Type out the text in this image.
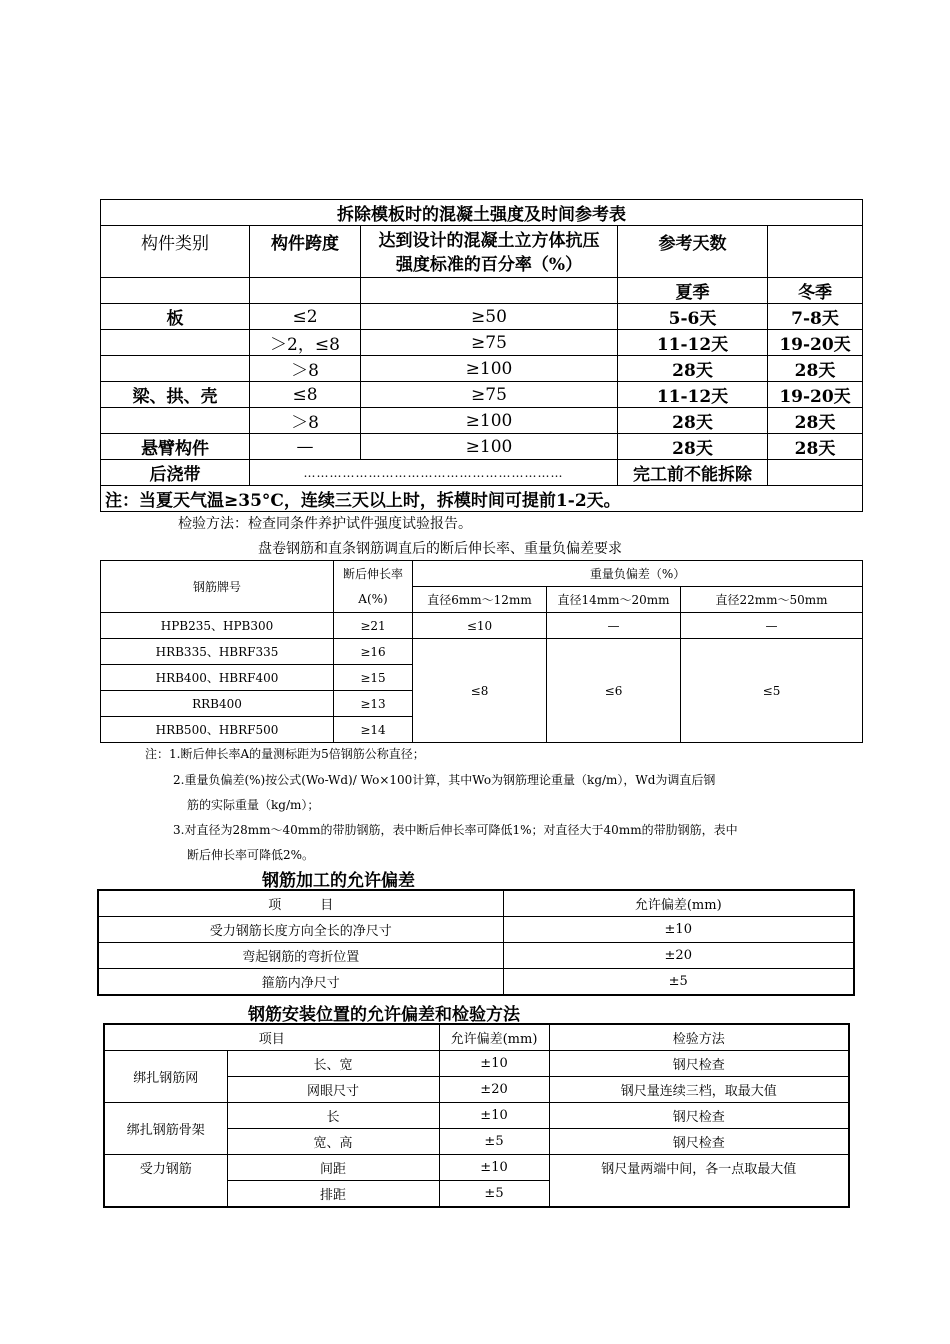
拆除模板时的混凝土强度及时间参考表				
构件类别	构件跨度	达到设计的混凝土立方体抗压
强度标准的百分率（%）	参考天数	
			夏季	冬季
板	≤2	≥50	5-6天	7-8天
	＞2，≤8	≥75	11-12天	19-20天
	＞8	≥100	28天	28天
梁、拱、壳	≤8	≥75	11-12天	19-20天
	＞8	≥100	28天	28天
悬臂构件	—	≥100	28天	28天
后浇带	……………………………………………………		完工前不能拆除	
注：当夏天气温≥35°C，连续三天以上时，拆模时间可提前1-2天。				
检验方法：检查同条件养护试件强度试验报告。
盘卷钢筋和直条钢筋调直后的断后伸长率、重量负偏差要求
钢筋牌号	断后伸长率	重量负偏差（%）		
	A(%)	直径6mm～12mm	直径14mm～20mm	直径22mm～50mm
HPB235、HPB300	≥21	≤10	—	—
HRB335、HBRF335	≥16	≤8	≤6	≤5
HRB400、HBRF400	≥15			
RRB400	≥13			
HRB500、HBRF500	≥14			
注：1.断后伸长率A的量测标距为5倍钢筋公称直径；
2.重量负偏差(%)按公式(Wo-Wd)/ Wo×100计算，其中Wo为钢筋理论重量（kg/m），Wd为调直后钢
筋的实际重量（kg/m）；
3.对直径为28mm～40mm的带肋钢筋，表中断后伸长率可降低1%；对直径大于40mm的带肋钢筋，表中
断后伸长率可降低2%。
钢筋加工的允许偏差
项　　　目	允许偏差(mm)
受力钢筋长度方向全长的净尺寸	±10
弯起钢筋的弯折位置	±20
箍筋内净尺寸	±5
钢筋安装位置的允许偏差和检验方法
项目		允许偏差(mm)	检验方法
绑扎钢筋网	长、宽	±10	钢尺检查
	网眼尺寸	±20	钢尺量连续三档，取最大值
绑扎钢筋骨架	长	±10	钢尺检查
	宽、高	±5	钢尺检查
受力钢筋	间距	±10	钢尺量两端中间，各一点取最大值
	排距	±5	
